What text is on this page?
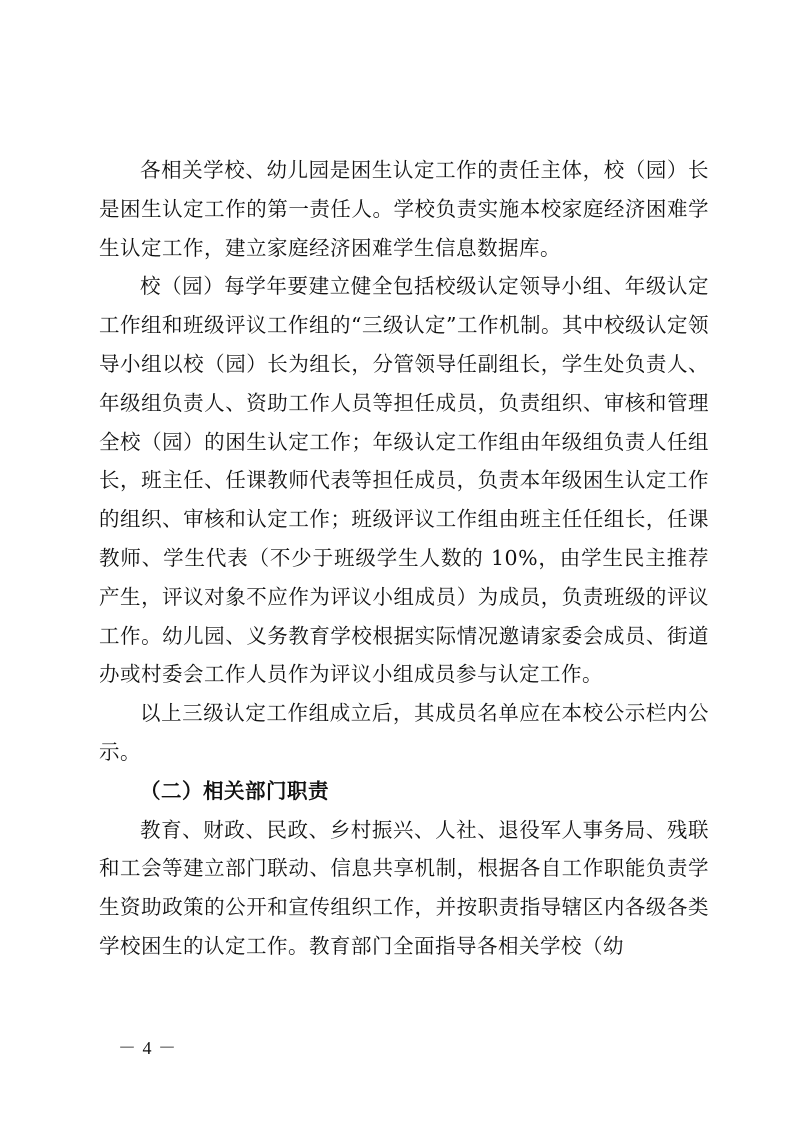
各相关学校、幼儿园是困生认定工作的责任主体，校（园）长是困生认定工作的第一责任人。学校负责实施本校家庭经济困难学生认定工作，建立家庭经济困难学生信息数据库。

校（园）每学年要建立健全包括校级认定领导小组、年级认定工作组和班级评议工作组的“三级认定”工作机制。其中校级认定领导小组以校（园）长为组长，分管领导任副组长，学生处负责人、年级组负责人、资助工作人员等担任成员，负责组织、审核和管理全校（园）的困生认定工作；年级认定工作组由年级组负责人任组长，班主任、任课教师代表等担任成员，负责本年级困生认定工作的组织、审核和认定工作；班级评议工作组由班主任任组长，任课教师、学生代表（不少于班级学生人数的 10%，由学生民主推荐产生，评议对象不应作为评议小组成员）为成员，负责班级的评议工作。幼儿园、义务教育学校根据实际情况邀请家委会成员、街道办或村委会工作人员作为评议小组成员参与认定工作。

以上三级认定工作组成立后，其成员名单应在本校公示栏内公示。

（二）相关部门职责

教育、财政、民政、乡村振兴、人社、退役军人事务局、残联和工会等建立部门联动、信息共享机制，根据各自工作职能负责学生资助政策的公开和宣传组织工作，并按职责指导辖区内各级各类学校困生的认定工作。教育部门全面指导各相关学校（幼

－ 4 －
